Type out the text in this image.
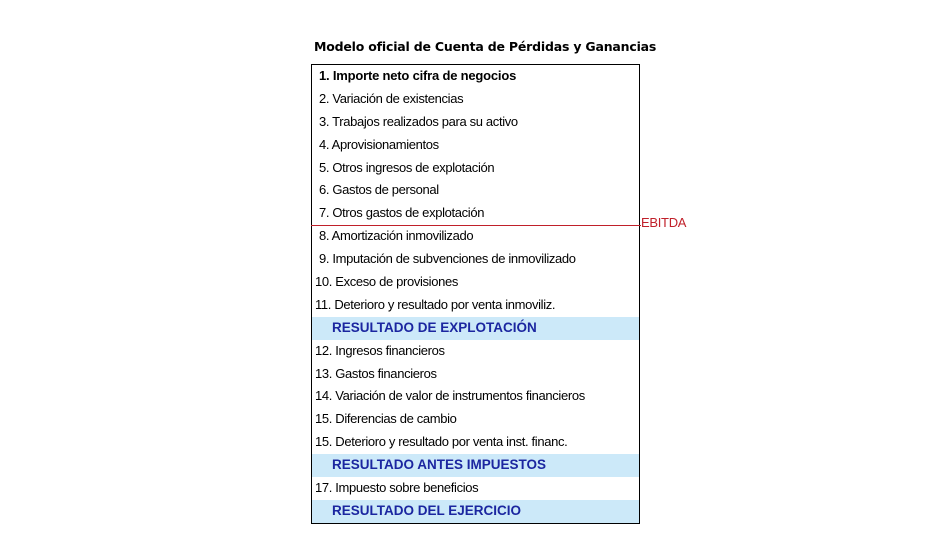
Modelo oficial de Cuenta de Pérdidas y Ganancias
1. Importe neto cifra de negocios
2. Variación de existencias
3. Trabajos realizados para su activo
4. Aprovisionamientos
5. Otros ingresos de explotación
6. Gastos de personal
7. Otros gastos de explotación
8. Amortización inmovilizado
9. Imputación de subvenciones de inmovilizado
10. Exceso de provisiones
11. Deterioro y resultado por venta inmoviliz.
RESULTADO DE EXPLOTACIÓN
12. Ingresos financieros
13. Gastos financieros
14. Variación de valor de instrumentos financieros
15. Diferencias de cambio
15. Deterioro y resultado por venta inst. financ.
RESULTADO ANTES IMPUESTOS
17. Impuesto sobre beneficios
RESULTADO DEL EJERCICIO
EBITDA
